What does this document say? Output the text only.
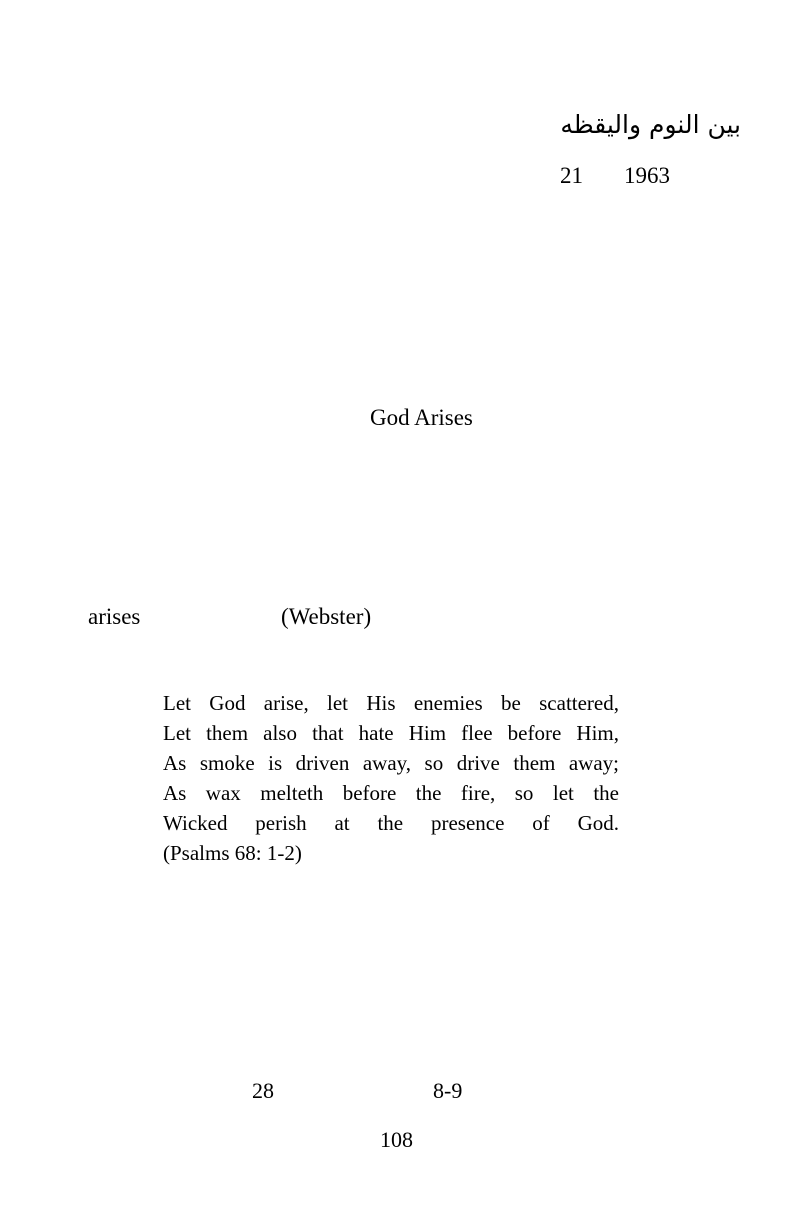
بين النوم واليقظه
21 1963
God Arises
arises	(Webster)
Let God arise, let His enemies be scattered,
Let them also that hate Him flee before Him,
As smoke is driven away, so drive them away;
As wax melteth before the fire, so let the
Wicked perish at the presence of God.
(Psalms 68: 1-2)
28	8-9
108
